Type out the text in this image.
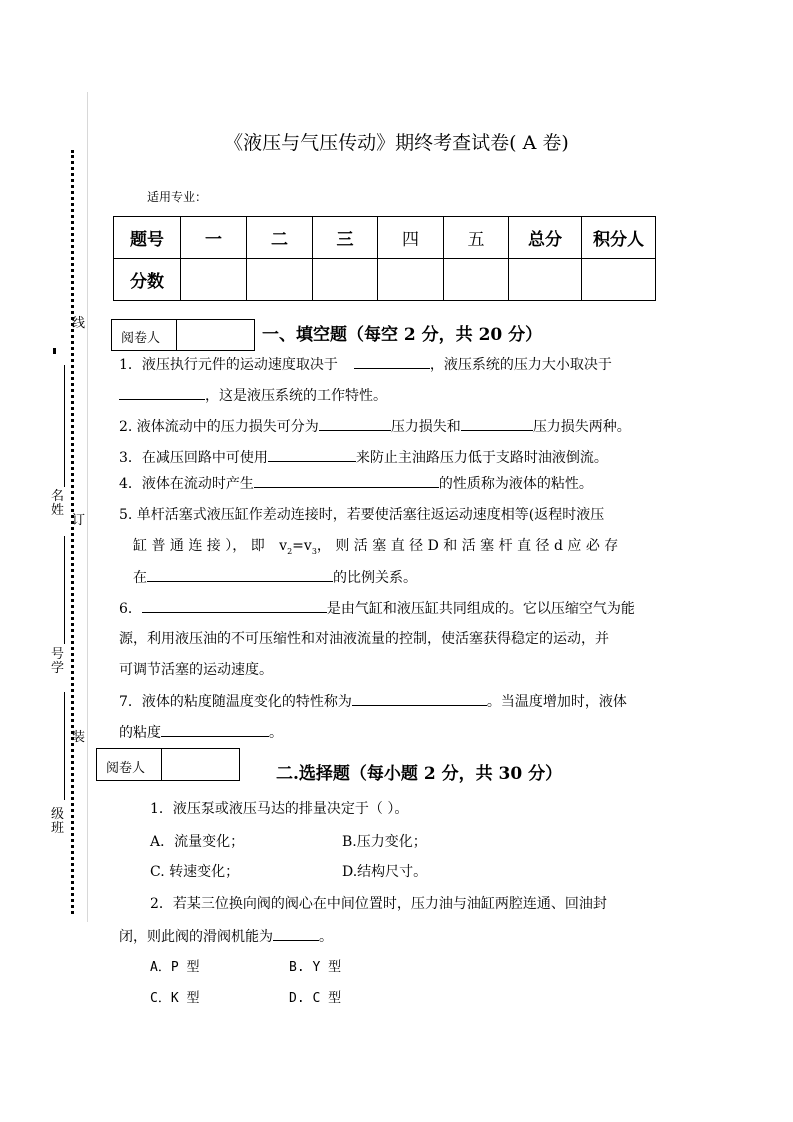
线
名姓
订
号学
装
级班
《液压与气压传动》期终考查试卷( A 卷)
适用专业：
题号	一	二	三	四	五	总分	积分人
分数							
阅卷人	一、填空题（每空 2 分，共 20 分）
1．液压执行元件的运动速度取决于	，液压系统的压力大小取决于
，这是液压系统的工作特性。
2. 液体流动中的压力损失可分为	压力损失和	压力损失两种。
3．在减压回路中可使用	来防止主油路压力低于支路时油液倒流。
4．液体在流动时产生	的性质称为液体的粘性。
5. 单杆活塞式液压缸作差动连接时，若要使活塞往返运动速度相等(返程时液压
缸 普 通 连 接 ）， 即 $v_2=v_3$， 则 活 塞 直 径 D 和 活 塞 杆 直 径 d 应 必 存
在	的比例关系。
6．	是由气缸和液压缸共同组成的。它以压缩空气为能
源，利用液压油的不可压缩性和对油液流量的控制，使活塞获得稳定的运动，并
可调节活塞的运动速度。
7．液体的粘度随温度变化的特性称为	。当温度增加时，液体
的粘度	。
阅卷人	二.选择题（每小题 2 分，共 30 分）
1．液压泵或液压马达的排量决定于（ ）。
A．流量变化；	B.压力变化；
C. 转速变化；	D.结构尺寸。
2．若某三位换向阀的阀心在中间位置时，压力油与油缸两腔连通、回油封
闭，则此阀的滑阀机能为	。
A．P 型	B. Y 型
C．K 型	D. C 型
